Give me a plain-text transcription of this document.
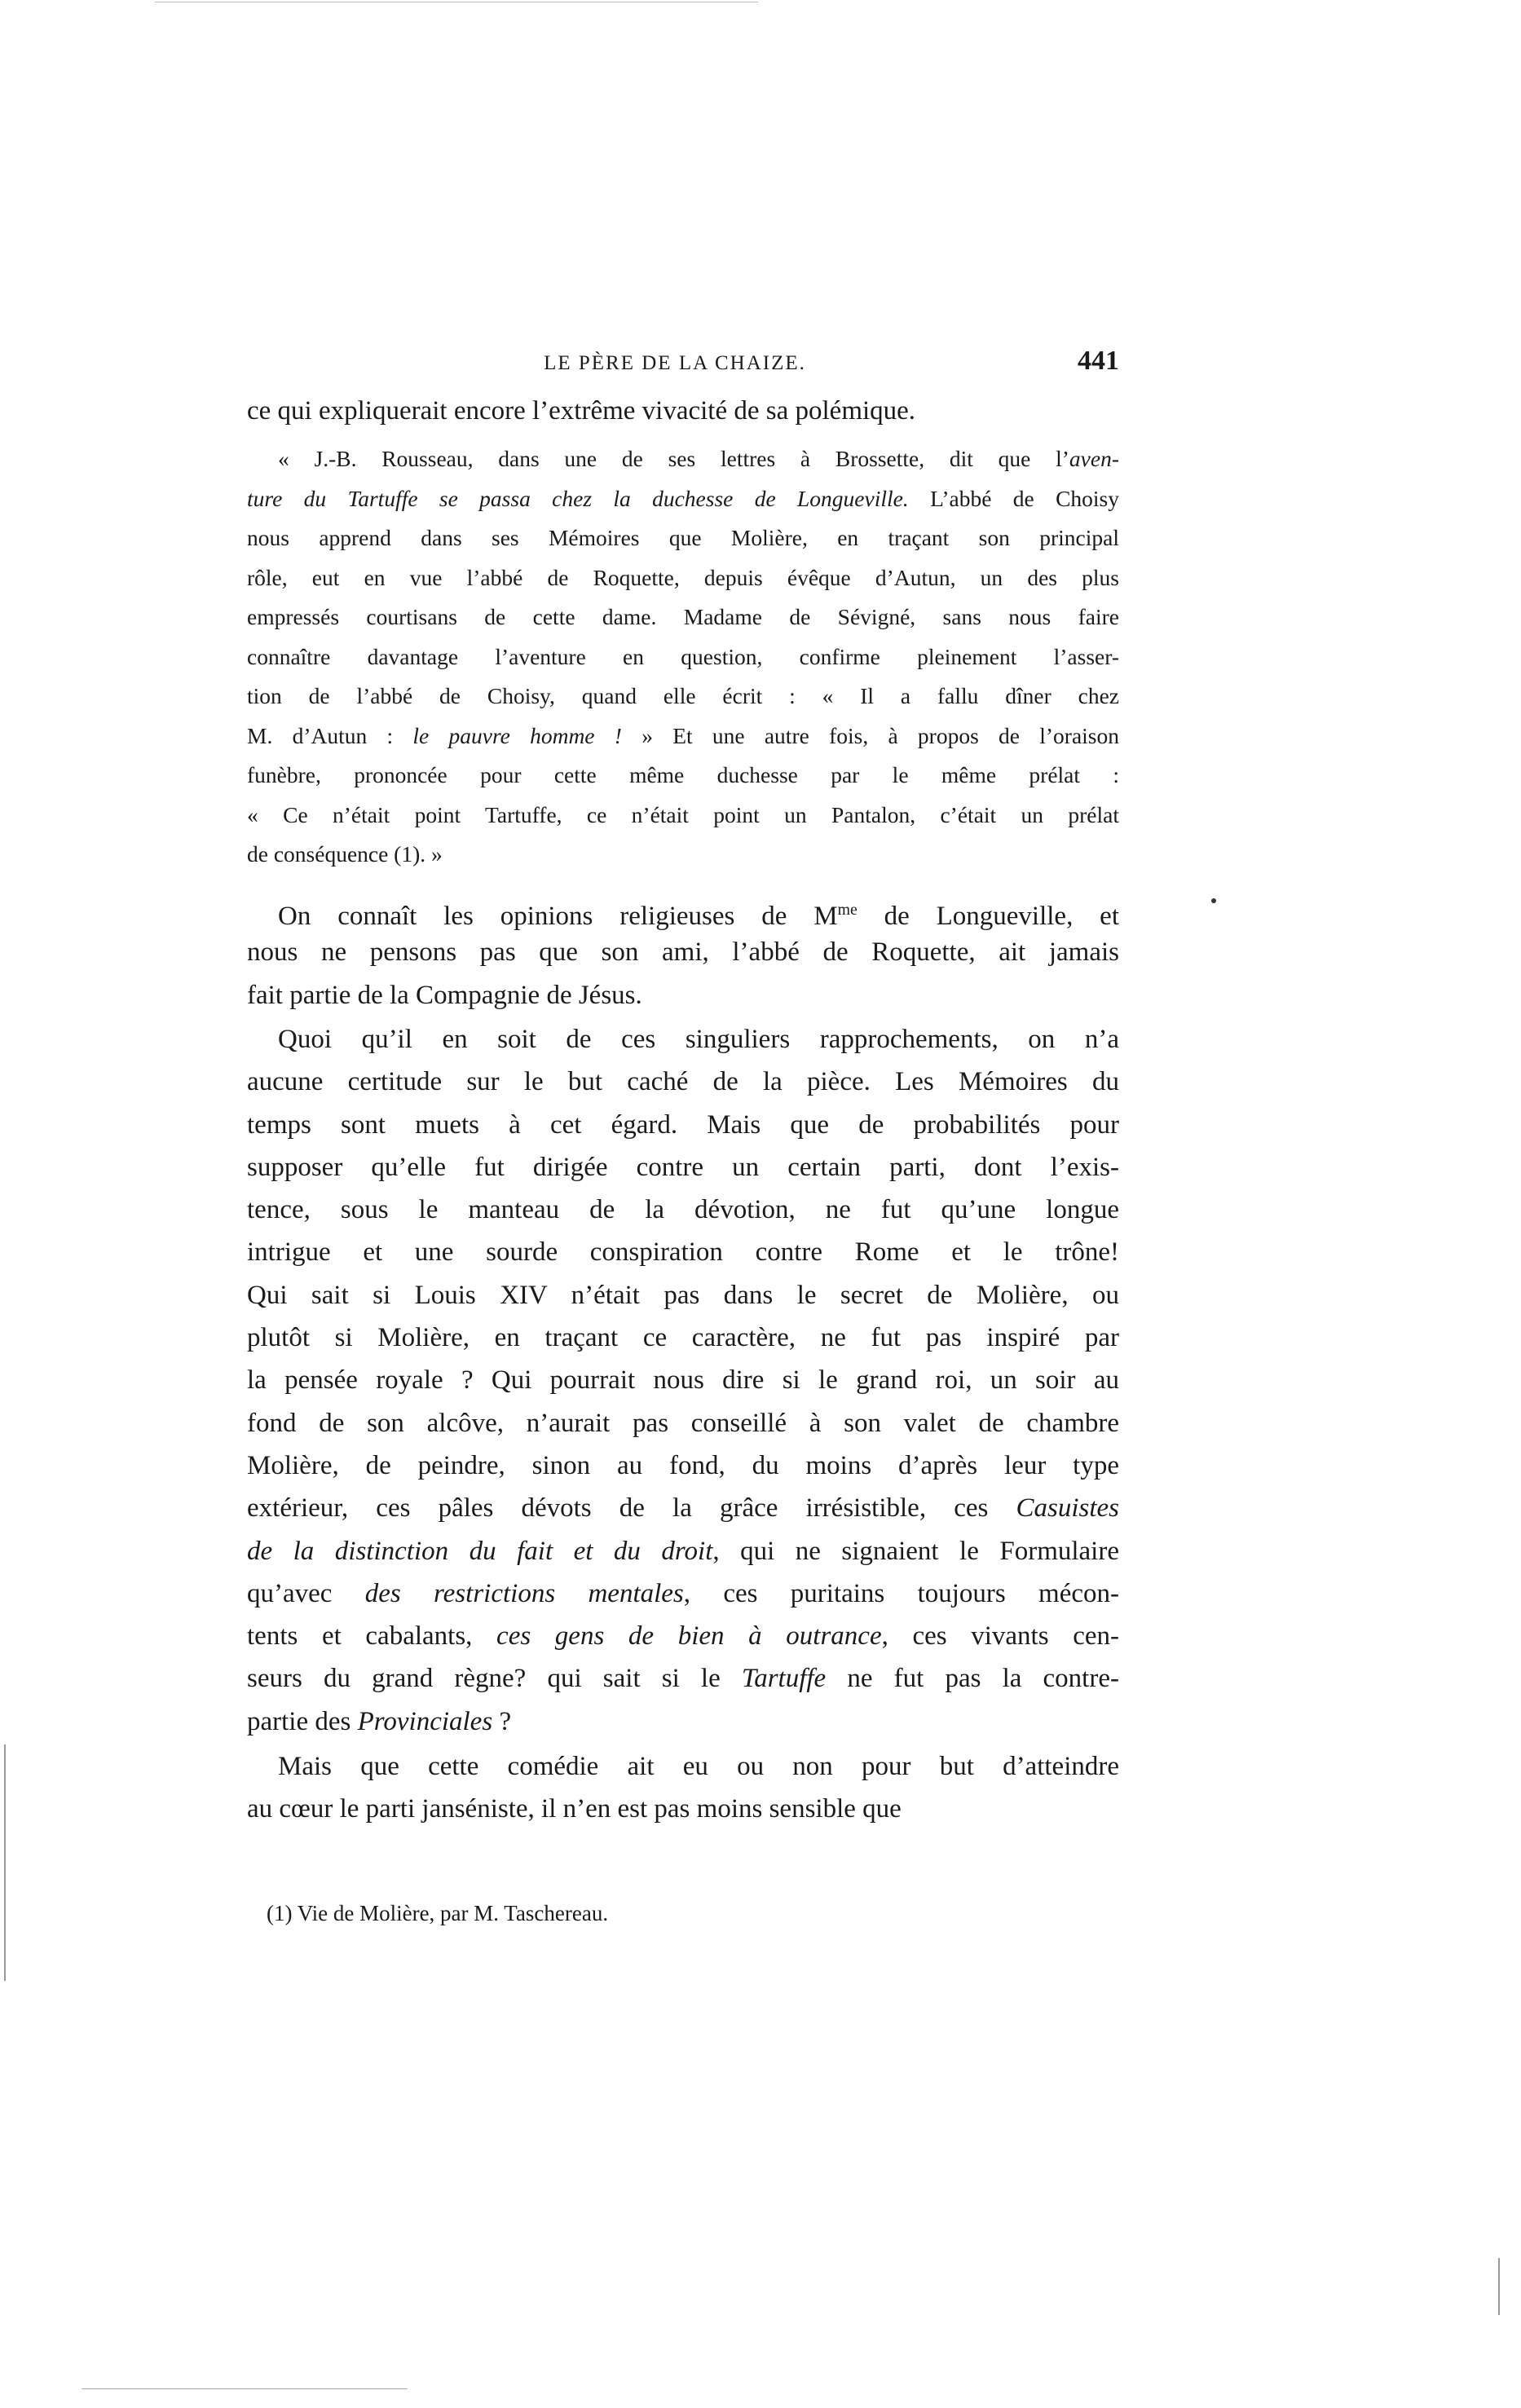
LE PÈRE DE LA CHAIZE.	441
ce qui expliquerait encore l’extrême vivacité de sa polémique.
« J.-B. Rousseau, dans une de ses lettres à Brossette, dit que l’aven-
ture du Tartuffe se passa chez la duchesse de Longueville. L’abbé de Choisy
nous apprend dans ses Mémoires que Molière, en traçant son principal
rôle, eut en vue l’abbé de Roquette, depuis évêque d’Autun, un des plus
empressés courtisans de cette dame. Madame de Sévigné, sans nous faire
connaître davantage l’aventure en question, confirme pleinement l’asser-
tion de l’abbé de Choisy, quand elle écrit : « Il a fallu dîner chez
M. d’Autun : le pauvre homme ! » Et une autre fois, à propos de l’oraison
funèbre, prononcée pour cette même duchesse par le même prélat :
« Ce n’était point Tartuffe, ce n’était point un Pantalon, c’était un prélat
de conséquence (1). »
On connaît les opinions religieuses de $M^{me}$ de Longueville, et
nous ne pensons pas que son ami, l’abbé de Roquette, ait jamais
fait partie de la Compagnie de Jésus.
Quoi qu’il en soit de ces singuliers rapprochements, on n’a
aucune certitude sur le but caché de la pièce. Les Mémoires du
temps sont muets à cet égard. Mais que de probabilités pour
supposer qu’elle fut dirigée contre un certain parti, dont l’exis-
tence, sous le manteau de la dévotion, ne fut qu’une longue
intrigue et une sourde conspiration contre Rome et le trône!
Qui sait si Louis XIV n’était pas dans le secret de Molière, ou
plutôt si Molière, en traçant ce caractère, ne fut pas inspiré par
la pensée royale ? Qui pourrait nous dire si le grand roi, un soir au
fond de son alcôve, n’aurait pas conseillé à son valet de chambre
Molière, de peindre, sinon au fond, du moins d’après leur type
extérieur, ces pâles dévots de la grâce irrésistible, ces Casuistes
de la distinction du fait et du droit, qui ne signaient le Formulaire
qu’avec des restrictions mentales, ces puritains toujours mécon-
tents et cabalants, ces gens de bien à outrance, ces vivants cen-
seurs du grand règne? qui sait si le Tartuffe ne fut pas la contre-
partie des Provinciales ?
Mais que cette comédie ait eu ou non pour but d’atteindre
au cœur le parti janséniste, il n’en est pas moins sensible que
(1) Vie de Molière, par M. Taschereau.
